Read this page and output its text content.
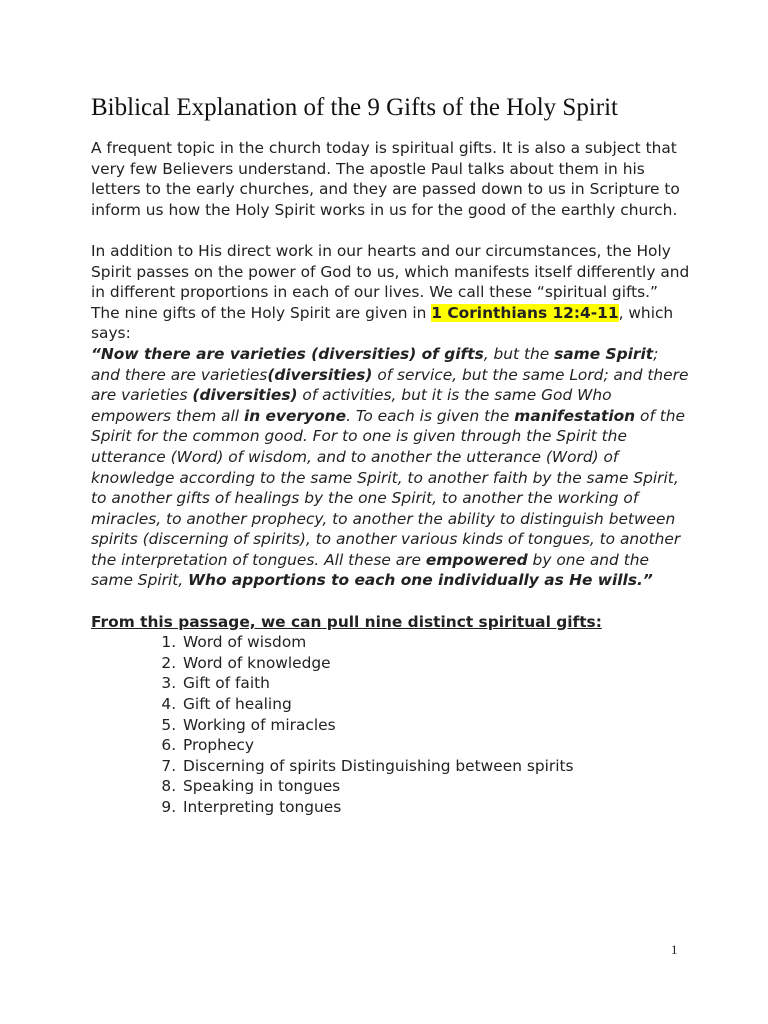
Biblical Explanation of the 9 Gifts of the Holy Spirit

A frequent topic in the church today is spiritual gifts. It is also a subject that very few Believers understand. The apostle Paul talks about them in his letters to the early churches, and they are passed down to us in Scripture to inform us how the Holy Spirit works in us for the good of the earthly church.

In addition to His direct work in our hearts and our circumstances, the Holy Spirit passes on the power of God to us, which manifests itself differently and in different proportions in each of our lives. We call these “spiritual gifts.”

The nine gifts of the Holy Spirit are given in 1 Corinthians 12:4-11, which says:

“Now there are varieties (diversities) of gifts, but the same Spirit; and there are varieties(diversities) of service, but the same Lord; and there are varieties (diversities) of activities, but it is the same God Who empowers them all in everyone. To each is given the manifestation of the Spirit for the common good. For to one is given through the Spirit the utterance (Word) of wisdom, and to another the utterance (Word) of knowledge according to the same Spirit, to another faith by the same Spirit, to another gifts of healings by the one Spirit, to another the working of miracles, to another prophecy, to another the ability to distinguish between spirits (discerning of spirits), to another various kinds of tongues, to another the interpretation of tongues. All these are empowered by one and the same Spirit, Who apportions to each one individually as He wills.”

From this passage, we can pull nine distinct spiritual gifts:

1. Word of wisdom
2. Word of knowledge
3. Gift of faith
4. Gift of healing
5. Working of miracles
6. Prophecy
7. Discerning of spirits Distinguishing between spirits
8. Speaking in tongues
9. Interpreting tongues
1
